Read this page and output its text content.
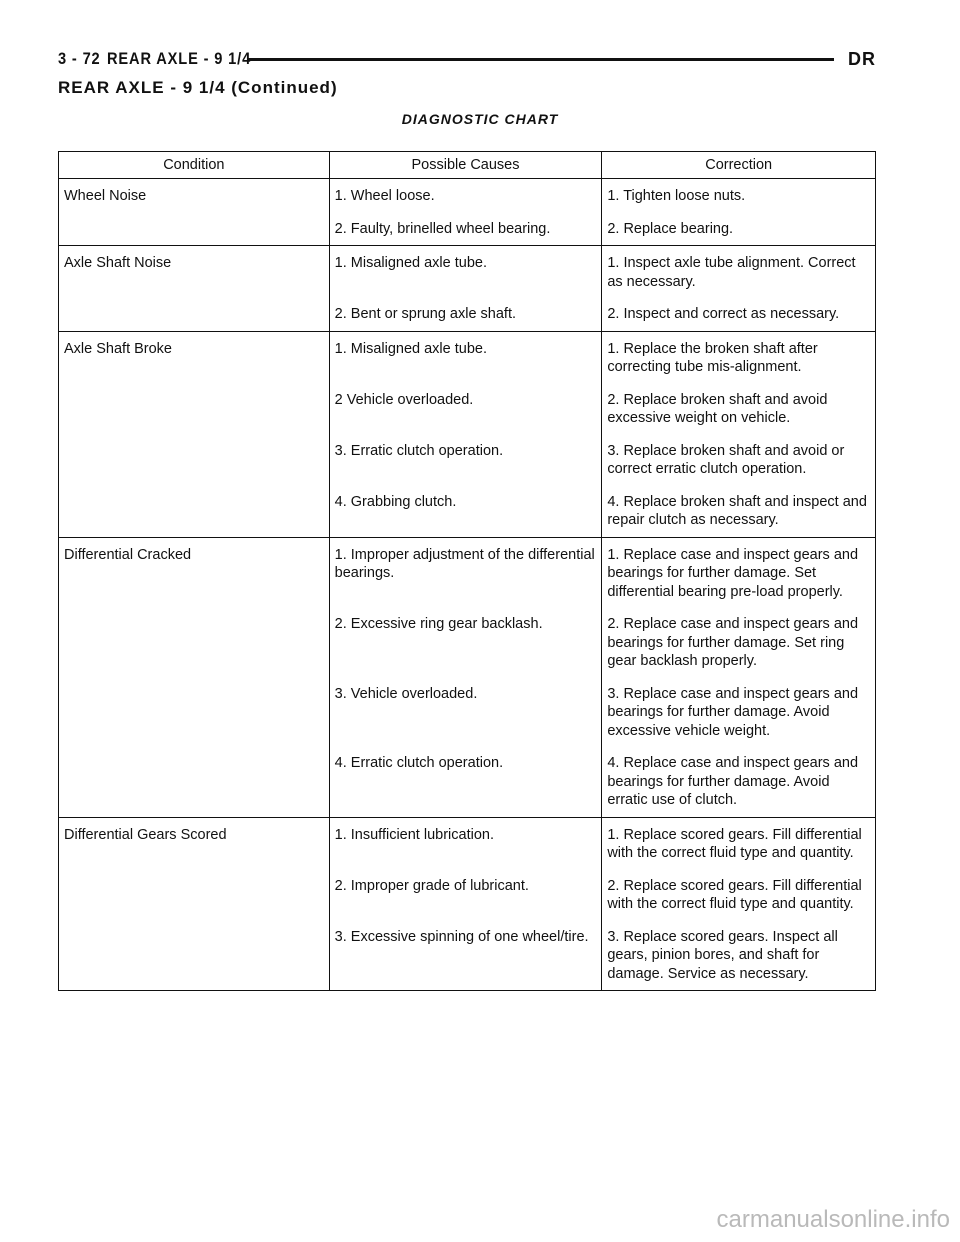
3 - 72 REAR AXLE - 9 1/4	DR
REAR AXLE - 9 1/4 (Continued)
DIAGNOSTIC CHART
Condition	Possible Causes	Correction
Wheel Noise	1. Wheel loose.	1. Tighten loose nuts.
	2. Faulty, brinelled wheel bearing.	2. Replace bearing.
Axle Shaft Noise	1. Misaligned axle tube.	1. Inspect axle tube alignment. Correct as necessary.
	2. Bent or sprung axle shaft.	2. Inspect and correct as necessary.
Axle Shaft Broke	1. Misaligned axle tube.	1. Replace the broken shaft after correcting tube mis-alignment.
	2 Vehicle overloaded.	2. Replace broken shaft and avoid excessive weight on vehicle.
	3. Erratic clutch operation.	3. Replace broken shaft and avoid or correct erratic clutch operation.
	4. Grabbing clutch.	4. Replace broken shaft and inspect and repair clutch as necessary.
Differential Cracked	1. Improper adjustment of the differential bearings.	1. Replace case and inspect gears and bearings for further damage. Set differential bearing pre-load properly.
	2. Excessive ring gear backlash.	2. Replace case and inspect gears and bearings for further damage. Set ring gear backlash properly.
	3. Vehicle overloaded.	3. Replace case and inspect gears and bearings for further damage. Avoid excessive vehicle weight.
	4. Erratic clutch operation.	4. Replace case and inspect gears and bearings for further damage. Avoid erratic use of clutch.
Differential Gears Scored	1. Insufficient lubrication.	1. Replace scored gears. Fill differential with the correct fluid type and quantity.
	2. Improper grade of lubricant.	2. Replace scored gears. Fill differential with the correct fluid type and quantity.
	3. Excessive spinning of one wheel/tire.	3. Replace scored gears. Inspect all gears, pinion bores, and shaft for damage. Service as necessary.
carmanualsonline.info
